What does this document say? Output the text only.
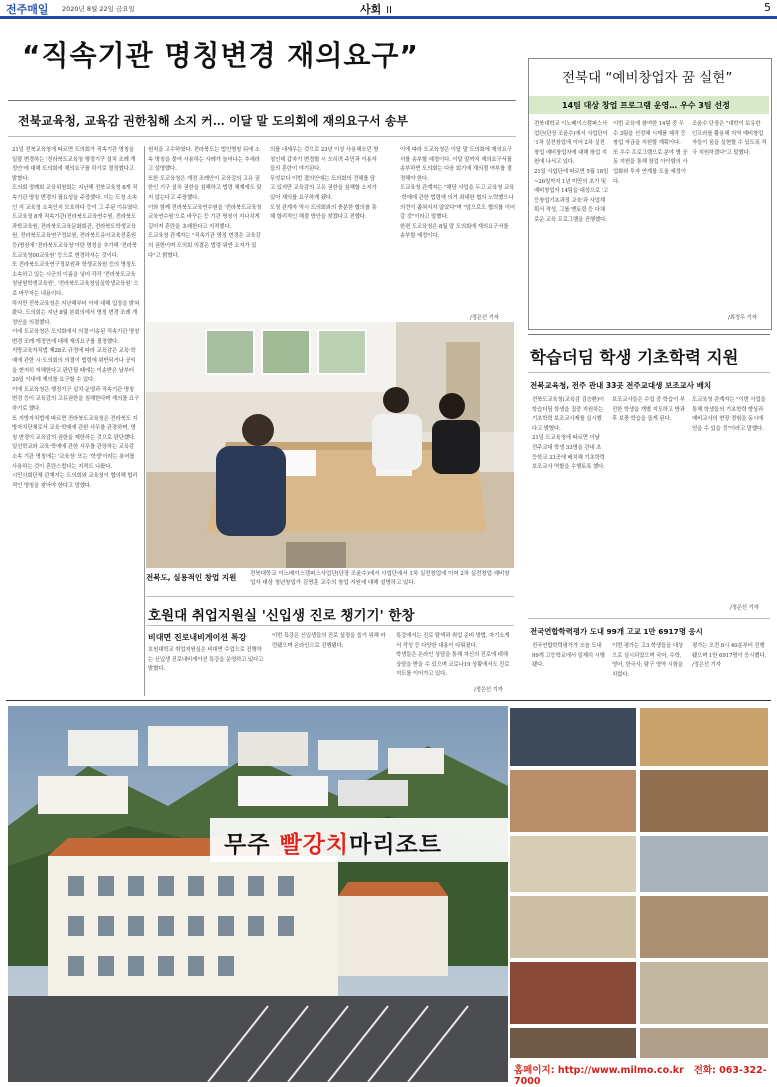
전주매일 2020년 8월 22일 금요일	사회 II	5
“직속기관 명칭변경 재의요구”
전북교육청, 교육감 권한침해 소지 커… 이달 말 도의회에 재의요구서 송부

21일 전북교육청에 따르면 도의회가 직속기관 명칭을 일괄 변경하는 '전라북도교육청 행정기구 설치 조례 개정안'에 대해 도의회에 재의요구를 하기로 결정했다고 밝혔다.

도의회 정례회 교육위원회는 지난해 전북교육청 8개 직속기관 명칭 변경의 필요성을 주장했다. 이는 도청 소속인 지 교육청 소속인지 모호하다 등이 그 주된 이유였다.

도교육청 8개 직속기관(전라북도교육연수원, 전라북도과학교육원, 전라북도교육문화회관, 전라북도학생교육원, 전라북도교육연구정보원, 전라북도유아교육진흥원 등)명칭에 '전라북도교육청'이란 명칭을 추가해 '전라북도교육청00교육원' 등으로 변경하자는 것이다.

또 전라북도교육연구정보원과 학생교육원 등의 명칭도 소속하고 있는 시군의 이름을 넣어 각각 '전라북도교육청남원학생교육원', '전라북도교육청임실학생교육원' 으로 바꾸자는 내용이다.

하지만 전북교육청은 지난해부터 이에 대해 입장을 밝혀왔다. 도의회는 지난 8월 본회의에서 명칭 변경 조례 개정안을 의결했다.

이에 도교육청은 도의회에서 의결·이송된 직속기관 명칭 변경 조례 개정안에 대해 재의요구를 결정했다.

지방교육자치법 제28조 규정에 따라 교육감은 교육·학예에 관한 시·도의회의 의결이 법령에 위반되거나 공익을 현저히 저해한다고 판단될 때에는 이송받은 날부터 20일 이내에 재의를 요구할 수 있다.

이에 도교육청은 행정기구 설치·운영과 직속기관 명칭 변경 등이 교육감의 고유권한을 침해한다며 재의를 요구하기로 했다.

또 지방자치법에 따르면 전라북도교육청은 전라북도 지방자치단체로서 교육·학예에 관한 사무를 관장하며, 명칭 변경이 교육감의 권한을 제한하는 것으로 판단했다.

일선학교와 교육·학예에 관한 사무를 관장하는 교육감 소속 기관 명칭에는 '교육청' 또는 '학생'이라는 용어를 사용하는 것이 혼란스럽다는 지적도 나왔다.

시민사회단체 관계자는 도의회와 교육청이 협의해 합리적인 명칭을 찾아야 한다고 말했다.

원칙을 고수하였다. 전라북도는 법인명칭 뒤에 소속 명칭을 붙여 사용하는 사례가 늘어나는 추세라고 설명했다.

또한 도교육청은 개정 조례안이 교육감의 고유 권한인 기구 설치 권한을 침해하고 법령 체계에도 맞지 않는다고 주장했다.

이와 함께 전라북도교육연수원을 '전라북도교육청교육연수원'으로 바꾸는 등 기관 명칭이 지나치게 길어져 혼란을 초래한다고 지적했다.

도교육청 관계자는 "직속기관 명칭 변경은 교육감의 권한이며 도의회 의결은 법령 위반 소지가 있다"고 밝혔다.

의를 내세우는 것으로 23년 이상 사용해오던 명칭인데 갑자기 변경할 시 오히려 주민과 이용자들의 혼란이 야기된다.

무엇보다 이번 결의안에는 도의회의 견해를 담고 있지만 교육감의 고유 권한을 침해할 소지가 있어 재의를 요구하게 됐다.

도청 관계자 역시 도의회와의 충분한 협의를 통해 합리적인 해결 방안을 찾겠다고 전했다.

이에 따라 도교육청은 이달 말 도의회에 재의요구서를 송부할 예정이다. 이달 말까지 재의요구서를 송부하면 도의회는 다음 회기에 재의결 여부를 결정해야 한다.

도교육청 관계자는 "해당 사업을 두고 교육청 교육·학예에 관한 법령에 의거 최대한 협의 노력했으나 의견이 좁혀지지 않았다"며 "앞으로도 협의를 이어갈 것"이라고 말했다.

한편 도교육청은 8월 말 도의회에 재의요구서를 송부할 예정이다.

/정은선 기자
전북도, 실용적인 창업 지원	전북대학교 이노베이스캠퍼스사업단(단장 조윤수)에서 사업단에서 1차 실전창업에 이어 2차 실전창업 예비창업자 대상 청년창업가 김명훈 교수의 창업 지원에 대해 설명하고 있다.
호원대 취업지원실 '신입생 진로 챙기기' 한창
비대면 진로내비게이션 특강

호원대학교 취업지원실은 비대면 수업으로 진행하는 신입생 진로내비게이션 특강을 운영하고 있다고 밝혔다.

이번 특강은 신입생들의 진로 설정을 돕기 위해 마련됐으며 온라인으로 진행됐다.

특강에서는 진로 탐색과 취업 준비 방법, 자기소개서 작성 등 다양한 내용이 다뤄졌다.

학생들은 온라인 상담을 통해 자신의 진로에 대해 상담을 받을 수 있으며 코로나19 상황에서도 진로 지도를 이어가고 있다.

/정은선 기자
전북대 “예비창업자 꿈 실현”
14팀 대상 창업 프로그램 운영… 우수 3팀 선정

전북대학교 이노베이스캠퍼스사업단(단장 조윤수)에서 사업단이 '1차 실전창업에 이어 2차 실전창업 예비창업자에 대해 창업 지원에 나서고 있다.

21일 사업단에 따르면 5월 18일~26일까지 1년 미만의 초기 및 예비창업자 14팀을 대상으로 '고등창업기초과정 교육'과 사업계획서 작성, 그룹 멘토링 등 다채로운 교육 프로그램을 진행했다.

이번 교육에 참여한 14팀 중 우수 3팀을 선정해 시제품 제작 등 창업 자금을 지원할 계획이다.

또 우수 프로그램으로 분야 별 공동 지원을 통해 창업 아이템의 사업화와 투자 연계를 도울 예정이다.

조윤수 단장은 "대학이 보유한 인프라를 활용해 지역 예비창업자들이 꿈을 실현할 수 있도록 적극 지원하겠다"고 말했다.

/최정우 기자
학습더딤 학생 기초학력 지원
전북교육청, 전주 관내 33곳 전주교대생 보조교사 배치

전북도교육청(교육감 김승환)이 학습더딤 학생을 집중 지원하는 기초학력 보조교사제를 실시했다고 밝혔다.

21일 도교육청에 따르면 이날 전주교대 학생 33명을 관내 초등학교 33곳에 배치해 기초학력 보조교사 역할을 수행토록 했다.

보조교사들은 수업 중 학습이 부진한 학생을 개별 지도하고 방과후 보충 학습을 돕게 된다.

도교육청 관계자는 "이번 사업을 통해 학생들의 기초학력 향상과 예비교사의 현장 경험을 동시에 얻을 수 있을 것"이라고 말했다.

/정은선 기자
전국연합학력평가 도내 99개 고교 1만 6917명 응시

전국연합학력평가가 오늘 도내 99개 고등학교에서 일제히 시행됐다.

이번 평가는 고3 학생들을 대상으로 실시되었으며 국어, 수학, 영어, 한국사, 탐구 영역 시험을 치렀다.

평가는 오전 8시 40분부터 진행됐으며 1만 6917명이 응시했다.

/정은선 기자

무주 빨강치마리조트
홈페이지: http://www.milmo.co.kr 전화: 063-322-7000
